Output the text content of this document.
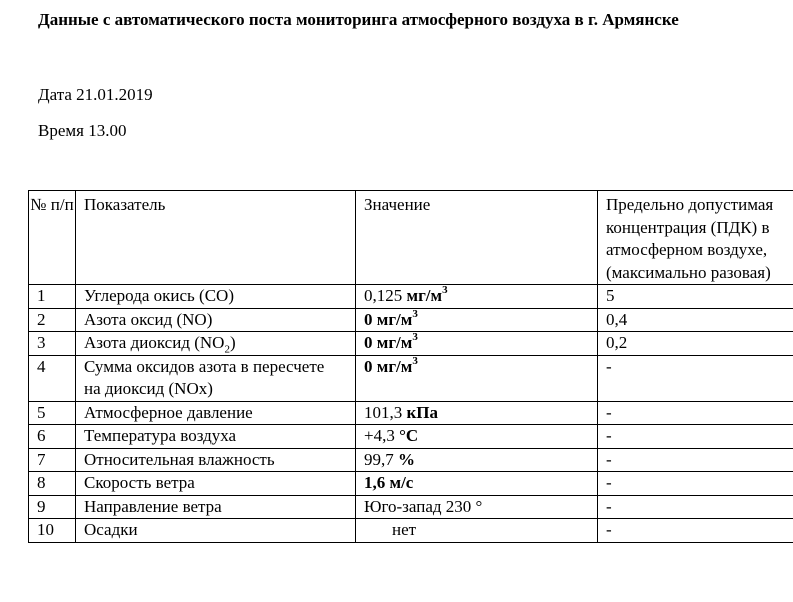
Данные с автоматического поста мониторинга атмосферного воздуха в г. Армянске
Дата 21.01.2019
Время 13.00
№ п/п	Показатель	Значение	Предельно допустимая концентрация (ПДК) в атмосферном воздухе, (максимально разовая)
1	Углерода окись (СО)	0,125 $мг/м^3$	5
2	Азота оксид (NO)	0 $мг/м^3$	0,4
3	Азота диоксид $(NO_2)$	0 $мг/м^3$	0,2
4	Сумма оксидов азота в пересчете на диоксид (NOx)	0 $мг/м^3$	-
5	Атмосферное давление	101,3 кПа	-
6	Температура воздуха	+4,3 °С	-
7	Относительная влажность	99,7 %	-
8	Скорость ветра	1,6 м/с	-
9	Направление ветра	Юго-запад 230 °	-
10	Осадки	нет	-
